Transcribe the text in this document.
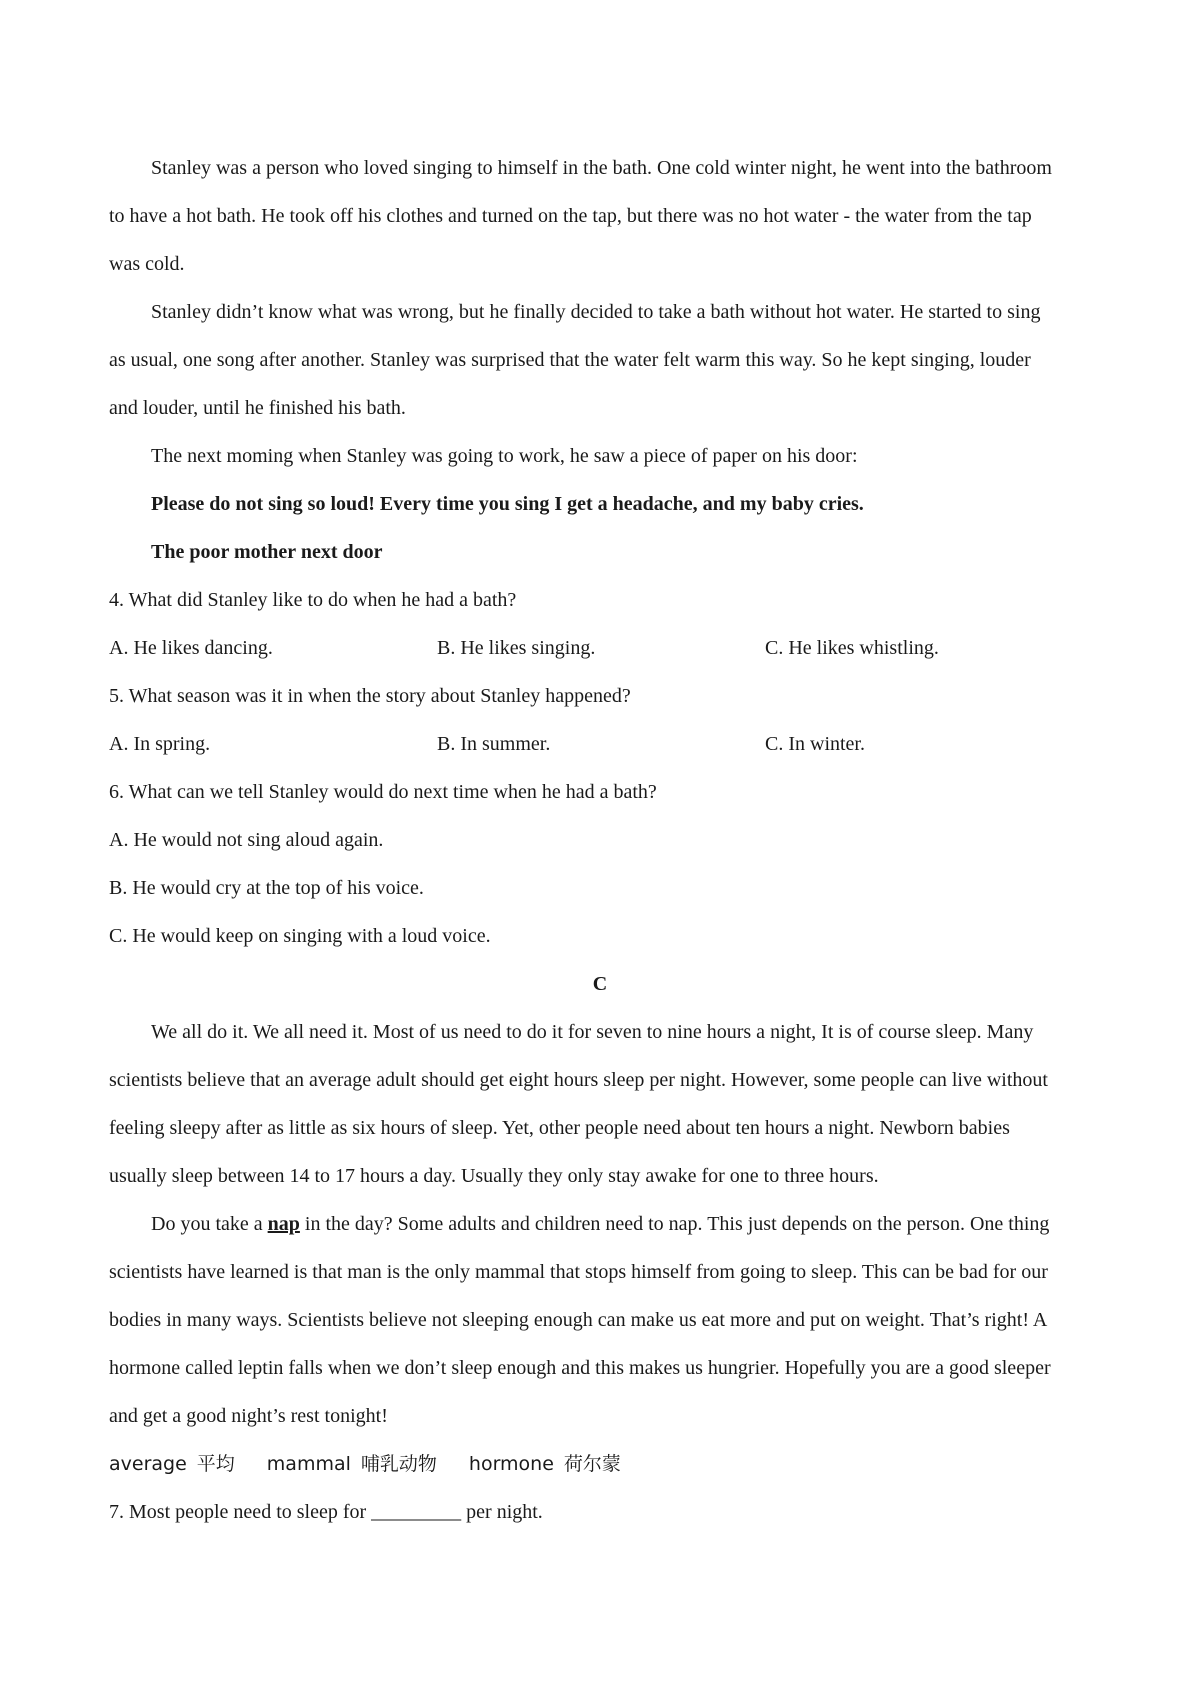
Stanley was a person who loved singing to himself in the bath. One cold winter night, he went into the bathroom
to have a hot bath. He took off his clothes and turned on the tap, but there was no hot water - the water from the tap
was cold.
Stanley didn’t know what was wrong, but he finally decided to take a bath without hot water. He started to sing
as usual, one song after another. Stanley was surprised that the water felt warm this way. So he kept singing, louder
and louder, until he finished his bath.
The next moming when Stanley was going to work, he saw a piece of paper on his door:
Please do not sing so loud! Every time you sing I get a headache, and my baby cries.
The poor mother next door
4. What did Stanley like to do when he had a bath?
A. He likes dancing.	B. He likes singing.	C. He likes whistling.
5. What season was it in when the story about Stanley happened?
A. In spring.	B. In summer.	C. In winter.
6. What can we tell Stanley would do next time when he had a bath?
A. He would not sing aloud again.
B. He would cry at the top of his voice.
C. He would keep on singing with a loud voice.
C
We all do it. We all need it. Most of us need to do it for seven to nine hours a night, It is of course sleep. Many
scientists believe that an average adult should get eight hours sleep per night. However, some people can live without
feeling sleepy after as little as six hours of sleep. Yet, other people need about ten hours a night. Newborn babies
usually sleep between 14 to 17 hours a day. Usually they only stay awake for one to three hours.
Do you take a nap in the day? Some adults and children need to nap. This just depends on the person. One thing
scientists have learned is that man is the only mammal that stops himself from going to sleep. This can be bad for our
bodies in many ways. Scientists believe not sleeping enough can make us eat more and put on weight. That’s right! A
hormone called leptin falls when we don’t sleep enough and this makes us hungrier. Hopefully you are a good sleeper
and get a good night’s rest tonight!
average 平均 mammal 哺乳动物 hormone 荷尔蒙
7. Most people need to sleep for _________ per night.
